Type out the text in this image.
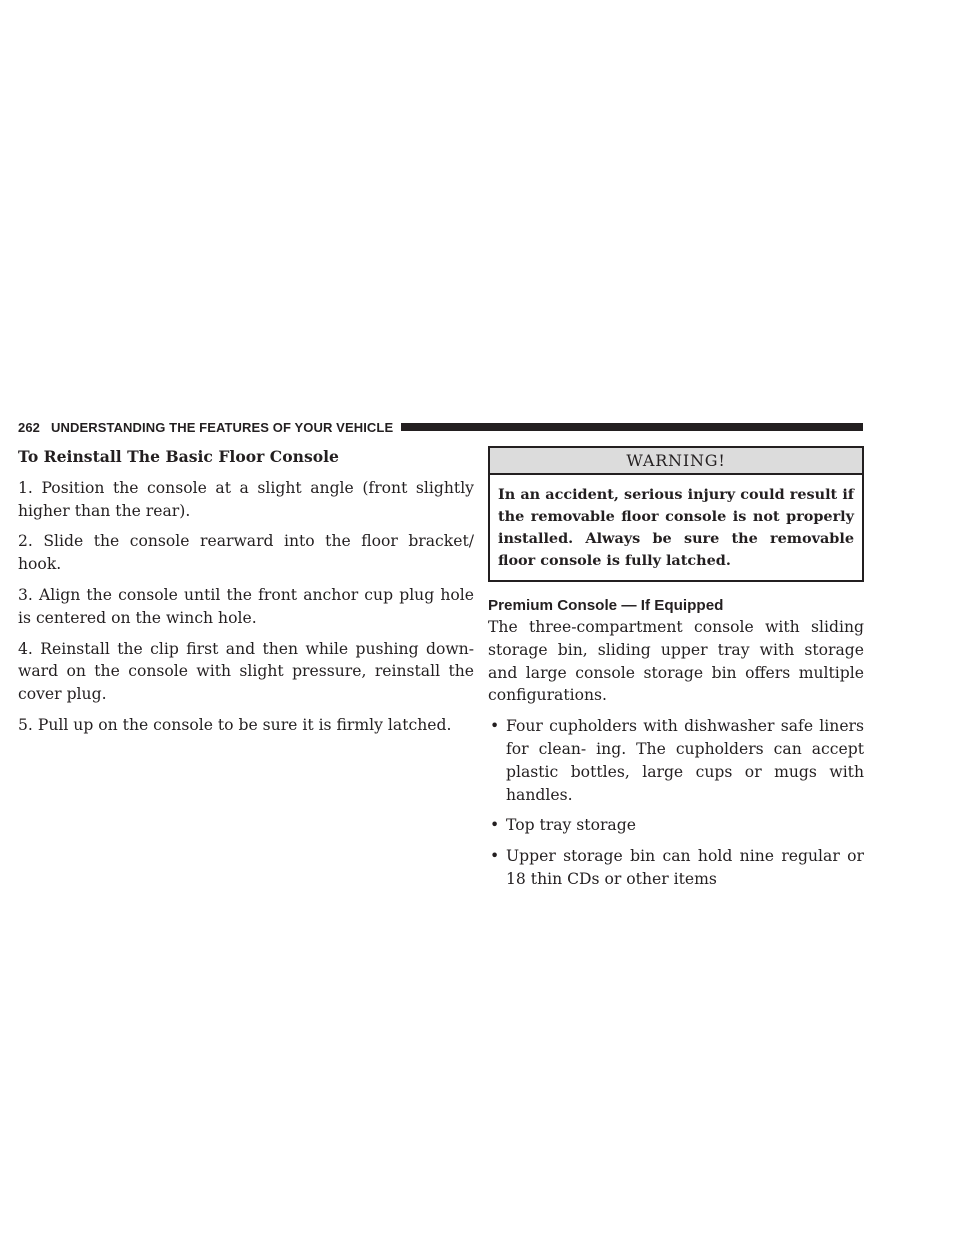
262 UNDERSTANDING THE FEATURES OF YOUR VEHICLE

To Reinstall The Basic Floor Console

1. Position the console at a slight angle (front slightly higher than the rear).

2. Slide the console rearward into the floor bracket/ hook.

3. Align the console until the front anchor cup plug hole is centered on the winch hole.

4. Reinstall the clip first and then while pushing down- ward on the console with slight pressure, reinstall the cover plug.

5. Pull up on the console to be sure it is firmly latched.

WARNING!
In an accident, serious injury could result if the removable floor console is not properly installed. Always be sure the removable floor console is fully latched.

Premium Console — If Equipped

The three-compartment console with sliding storage bin, sliding upper tray with storage and large console storage bin offers multiple configurations.

• Four cupholders with dishwasher safe liners for clean- ing. The cupholders can accept plastic bottles, large cups or mugs with handles.
• Top tray storage
• Upper storage bin can hold nine regular or 18 thin CDs or other items
